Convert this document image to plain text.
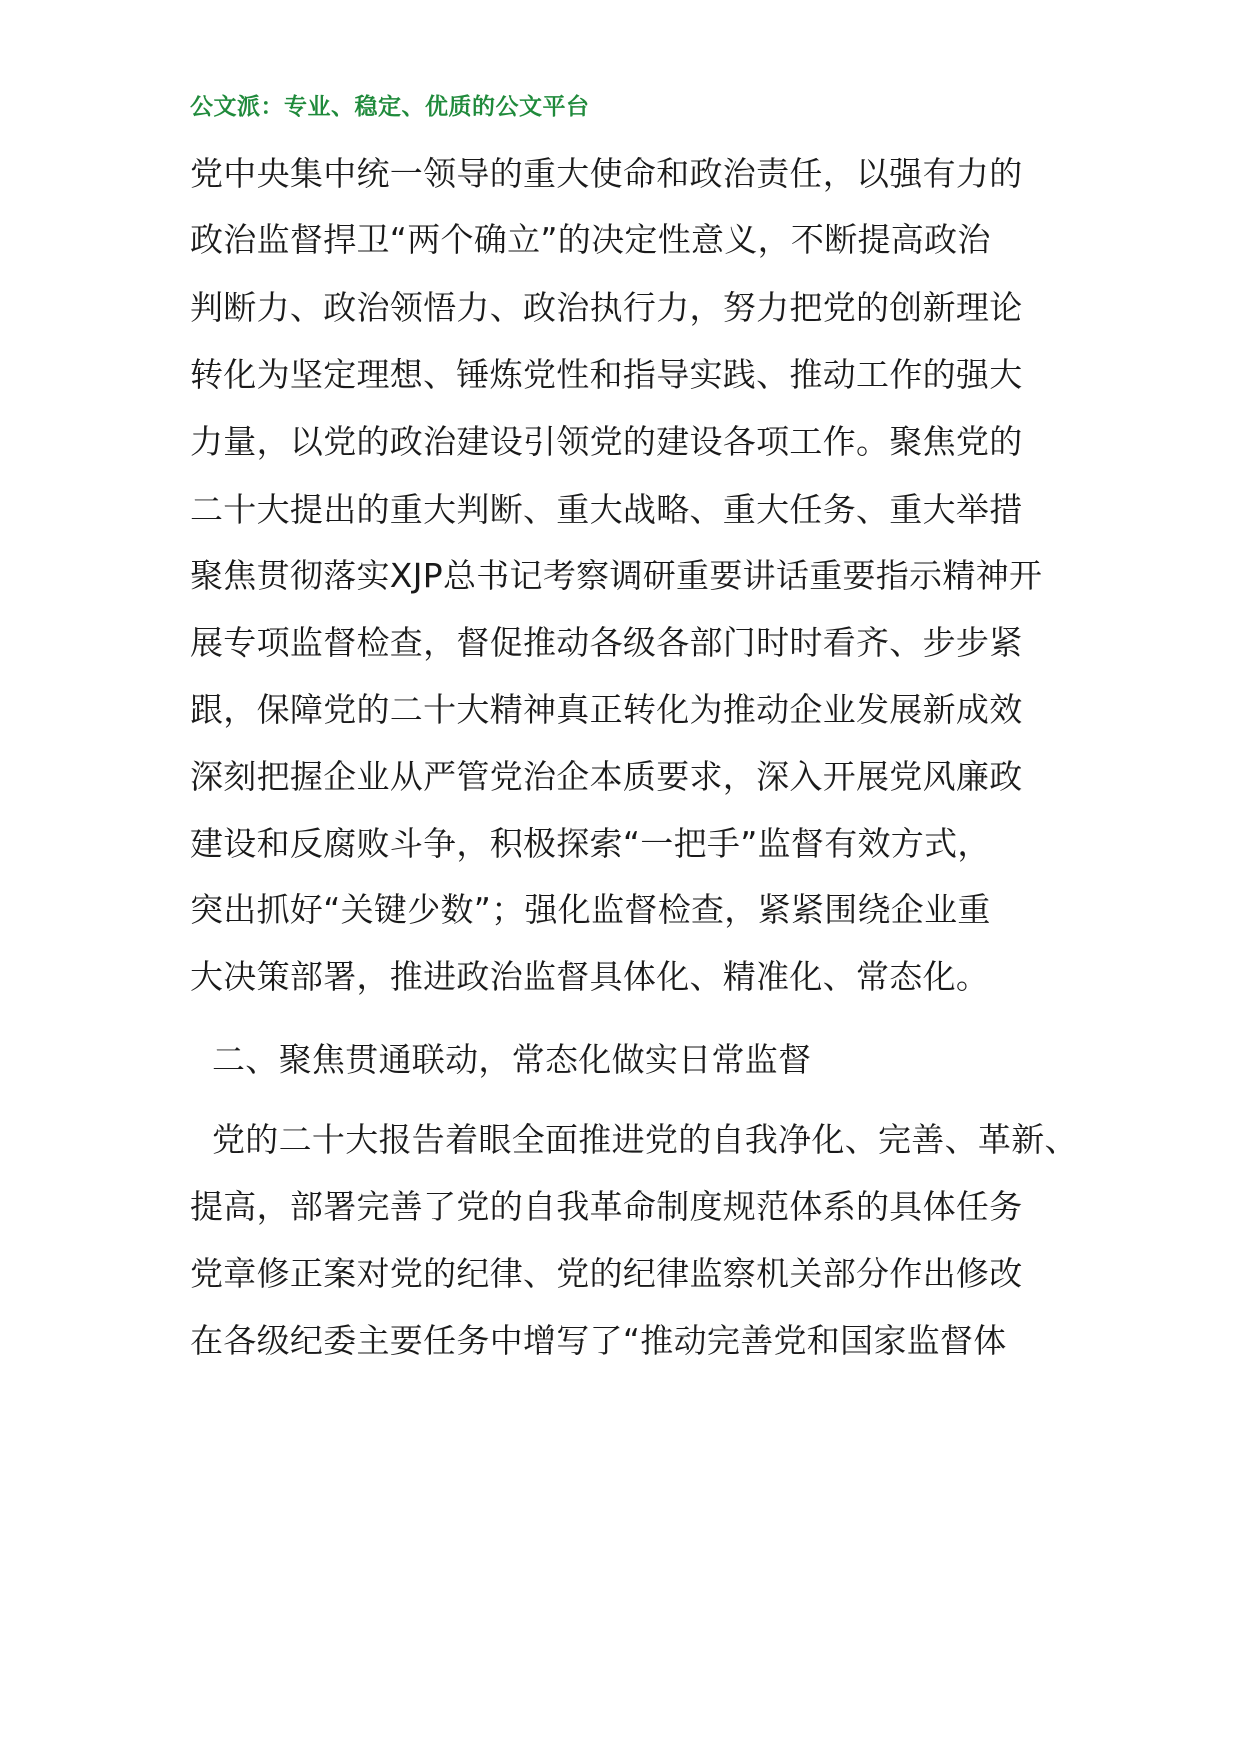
公文派：专业、稳定、优质的公文平台
党中央集中统一领导的重大使命和政治责任，以强有力的
政治监督捍卫“两个确立”的决定性意义，不断提高政治
判断力、政治领悟力、政治执行力，努力把党的创新理论
转化为坚定理想、锤炼党性和指导实践、推动工作的强大
力量，以党的政治建设引领党的建设各项工作。聚焦党的
二十大提出的重大判断、重大战略、重大任务、重大举措
聚焦贯彻落实XJP总书记考察调研重要讲话重要指示精神开
展专项监督检查，督促推动各级各部门时时看齐、步步紧
跟，保障党的二十大精神真正转化为推动企业发展新成效
深刻把握企业从严管党治企本质要求，深入开展党风廉政
建设和反腐败斗争，积极探索“一把手”监督有效方式，
突出抓好“关键少数”；强化监督检查，紧紧围绕企业重
大决策部署，推进政治监督具体化、精准化、常态化。
二、聚焦贯通联动，常态化做实日常监督
党的二十大报告着眼全面推进党的自我净化、完善、革新、
提高，部署完善了党的自我革命制度规范体系的具体任务
党章修正案对党的纪律、党的纪律监察机关部分作出修改
在各级纪委主要任务中增写了“推动完善党和国家监督体
